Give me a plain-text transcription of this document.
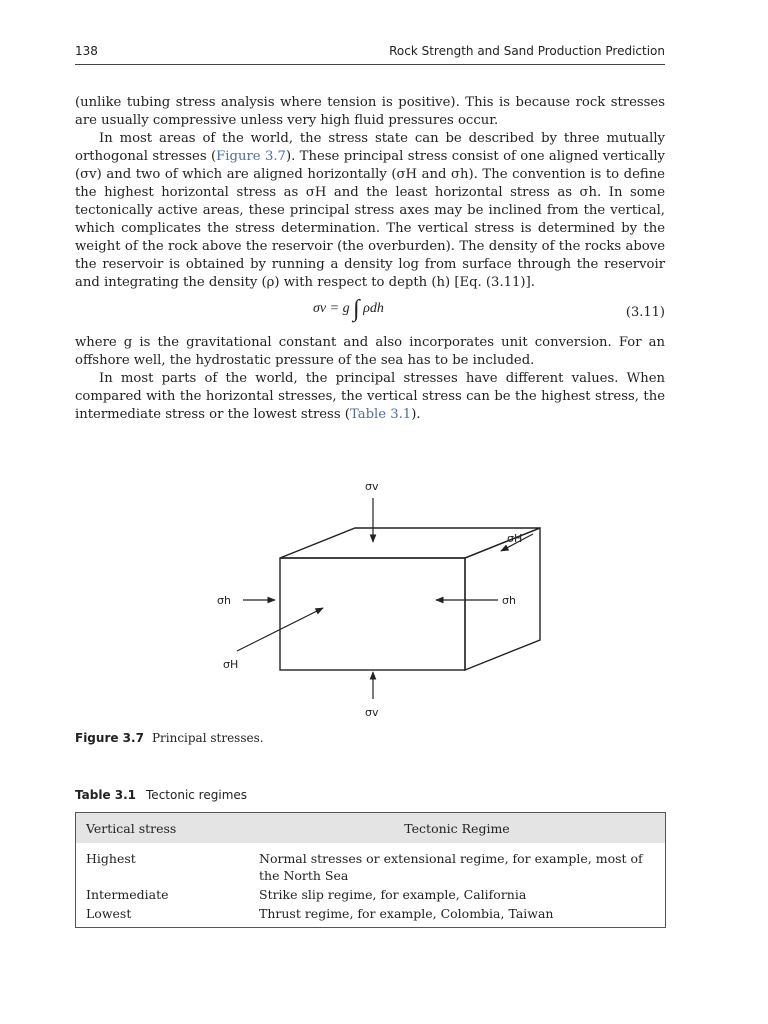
138	Rock Strength and Sand Production Prediction

(unlike tubing stress analysis where tension is positive). This is because rock stresses are usually compressive unless very high fluid pressures occur.

In most areas of the world, the stress state can be described by three mutually orthogonal stresses (Figure 3.7). These principal stress consist of one aligned vertically (σv) and two of which are aligned horizontally (σH and σh). The convention is to define the highest horizontal stress as σH and the least horizontal stress as σh. In some tectonically active areas, these principal stress axes may be inclined from the vertical, which complicates the stress determination. The vertical stress is determined by the weight of the rock above the reservoir (the overburden). The density of the rocks above the reservoir is obtained by running a density log from surface through the reservoir and integrating the density (ρ) with respect to depth (h) [Eq. (3.11)].

σv = g ∫ ρdh	(3.11)

where g is the gravitational constant and also incorporates unit conversion. For an offshore well, the hydrostatic pressure of the sea has to be included.

In most parts of the world, the principal stresses have different values. When compared with the horizontal stresses, the vertical stress can be the highest stress, the intermediate stress or the lowest stress (Table 3.1).

σv
σH
σh	σh
σH
σv
Figure 3.7 Principal stresses.
Table 3.1 Tectonic regimes
Vertical stress	Tectonic Regime
Highest	Normal stresses or extensional regime, for example, most of the North Sea
Intermediate	Strike slip regime, for example, California
Lowest	Thrust regime, for example, Colombia, Taiwan
